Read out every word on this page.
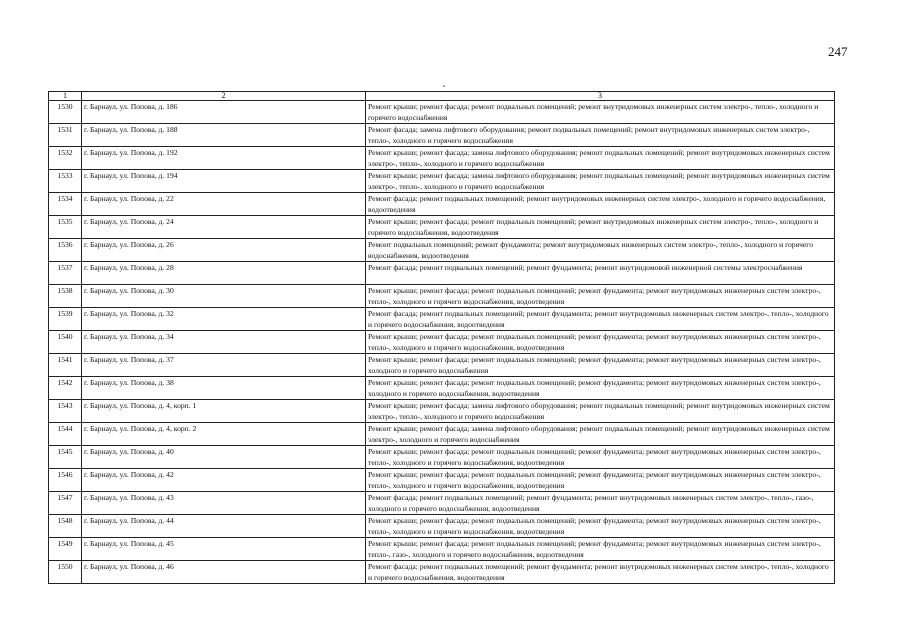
247
1	2	3
1530	г. Барнаул, ул. Попова, д. 186	Ремонт крыши; ремонт фасада; ремонт подвальных помещений; ремонт внутридомовых инженерных систем электро-, тепло-, холодного и горячего водоснабжения
1531	г. Барнаул, ул. Попова, д. 188	Ремонт фасада; замена лифтового оборудования; ремонт подвальных помещений; ремонт внутридомовых инженерных систем электро-, тепло-, холодного и горячего водоснабжения
1532	г. Барнаул, ул. Попова, д. 192	Ремонт крыши; ремонт фасада; замена лифтового оборудования; ремонт подвальных помещений; ремонт внутридомовых инженерных систем электро-, тепло-, холодного и горячего водоснабжения
1533	г. Барнаул, ул. Попова, д. 194	Ремонт крыши; ремонт фасада; замена лифтового оборудования; ремонт подвальных помещений; ремонт внутридомовых инженерных систем электро-, тепло-, холодного и горячего водоснабжения
1534	г. Барнаул, ул. Попова, д. 22	Ремонт фасада; ремонт подвальных помещений; ремонт внутридомовых инженерных систем электро-, холодного и горячего водоснабжения, водоотведения
1535	г. Барнаул, ул. Попова, д. 24	Ремонт крыши; ремонт фасада; ремонт подвальных помещений; ремонт внутридомовых инженерных систем электро-, тепло-, холодного и горячего водоснабжения, водоотведения
1536	г. Барнаул, ул. Попова, д. 26	Ремонт подвальных помещений; ремонт фундамента; ремонт внутридомовых инженерных систем электро-, тепло-, холодного и горячего водоснабжения, водоотведения
1537	г. Барнаул, ул. Попова, д. 28	Ремонт фасада; ремонт подвальных помещений; ремонт фундамента; ремонт внутридомовой инженерной системы электроснабжения
1538	г. Барнаул, ул. Попова, д. 30	Ремонт крыши; ремонт фасада; ремонт подвальных помещений; ремонт фундамента; ремонт внутридомовых инженерных систем электро-, тепло-, холодного и горячего водоснабжения, водоотведения
1539	г. Барнаул, ул. Попова, д. 32	Ремонт фасада; ремонт подвальных помещений; ремонт фундамента; ремонт внутридомовых инженерных систем электро-, тепло-, холодного и горячего водоснабжения, водоотведения
1540	г. Барнаул, ул. Попова, д. 34	Ремонт крыши; ремонт фасада; ремонт подвальных помещений; ремонт фундамента; ремонт внутридомовых инженерных систем электро-, тепло-, холодного и горячего водоснабжения, водоотведения
1541	г. Барнаул, ул. Попова, д. 37	Ремонт крыши; ремонт фасада; ремонт подвальных помещений; ремонт фундамента; ремонт внутридомовых инженерных систем электро-, холодного и горячего водоснабжения
1542	г. Барнаул, ул. Попова, д. 38	Ремонт крыши; ремонт фасада; ремонт подвальных помещений; ремонт фундамента; ремонт внутридомовых инженерных систем электро-, холодного и горячего водоснабжения, водоотведения
1543	г. Барнаул, ул. Попова, д. 4, корп. 1	Ремонт крыши; ремонт фасада; замена лифтового оборудования; ремонт подвальных помещений; ремонт внутридомовых инженерных систем электро-, тепло-, холодного и горячего водоснабжения
1544	г. Барнаул, ул. Попова, д. 4, корп. 2	Ремонт крыши; ремонт фасада; замена лифтового оборудования; ремонт подвальных помещений; ремонт внутридомовых инженерных систем электро-, холодного и горячего водоснабжения
1545	г. Барнаул, ул. Попова, д. 40	Ремонт крыши; ремонт фасада; ремонт подвальных помещений; ремонт фундамента; ремонт внутридомовых инженерных систем электро-, тепло-, холодного и горячего водоснабжения, водоотведения
1546	г. Барнаул, ул. Попова, д. 42	Ремонт крыши; ремонт фасада; ремонт подвальных помещений; ремонт фундамента; ремонт внутридомовых инженерных систем электро-, тепло-, холодного и горячего водоснабжения, водоотведения
1547	г. Барнаул, ул. Попова, д. 43	Ремонт фасада; ремонт подвальных помещений; ремонт фундамента; ремонт внутридомовых инженерных систем электро-, тепло-, газо-, холодного и горячего водоснабжения, водоотведения
1548	г. Барнаул, ул. Попова, д. 44	Ремонт крыши; ремонт фасада; ремонт подвальных помещений; ремонт фундамента; ремонт внутридомовых инженерных систем электро-, тепло-, холодного и горячего водоснабжения, водоотведения
1549	г. Барнаул, ул. Попова, д. 45	Ремонт крыши; ремонт фасада; ремонт подвальных помещений; ремонт фундамента; ремонт внутридомовых инженерных систем электро-, тепло-, газо-, холодного и горячего водоснабжения, водоотведения
1550	г. Барнаул, ул. Попова, д. 46	Ремонт фасада; ремонт подвальных помещений; ремонт фундамента; ремонт внутридомовых инженерных систем электро-, тепло-, холодного и горячего водоснабжения, водоотведения
